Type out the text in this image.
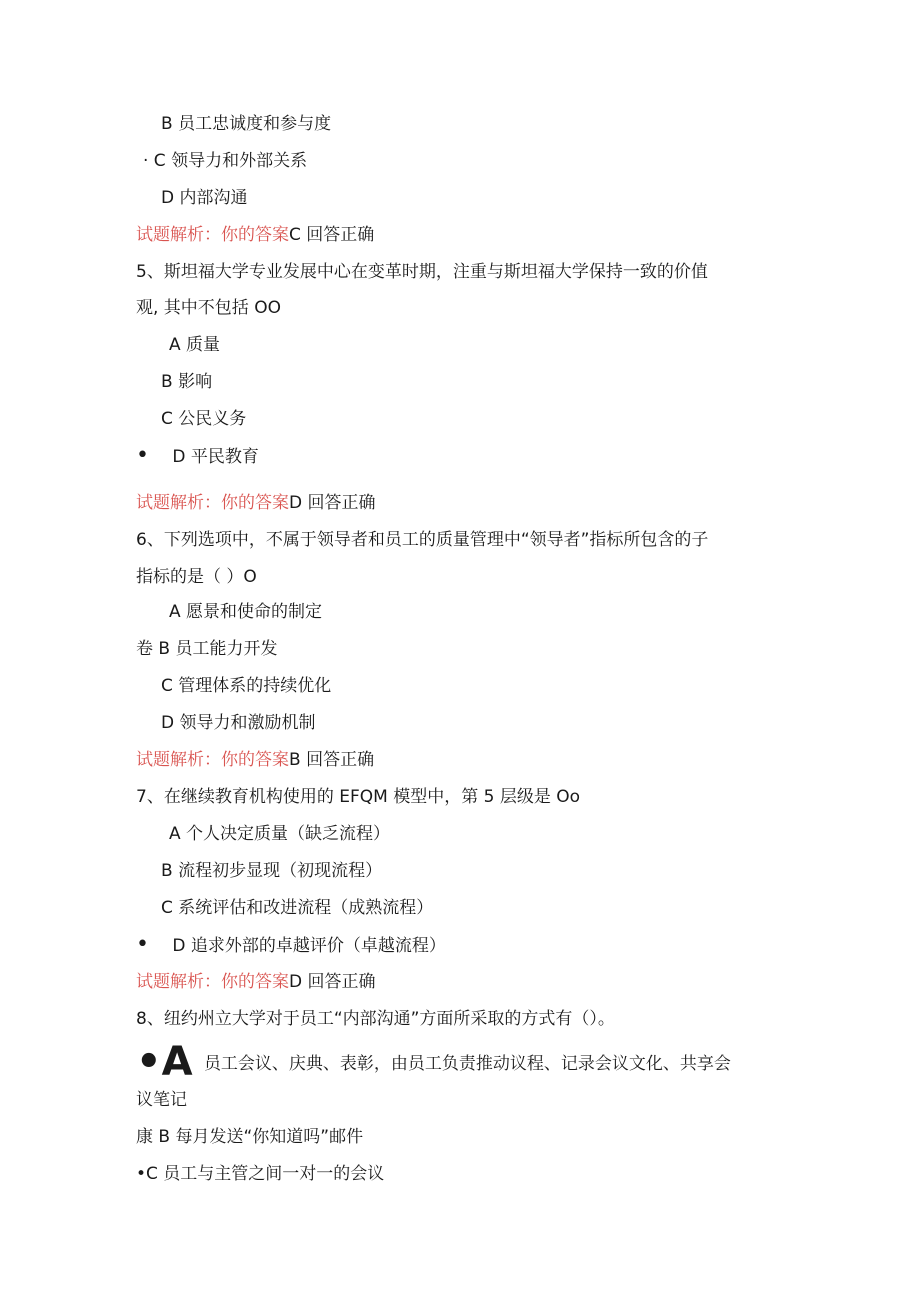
B 员工忠诚度和参与度
· C 领导力和外部关系
D 内部沟通
试题解析：你的答案C 回答正确
5、斯坦福大学专业发展中心在变革时期，注重与斯坦福大学保持一致的价值
观, 其中不包括 OO
A 质量
B 影响
C 公民义务
• D 平民教育
试题解析：你的答案D 回答正确
6、下列选项中，不属于领导者和员工的质量管理中“领导者”指标所包含的子
指标的是（ ）O
A 愿景和使命的制定
卷 B 员工能力开发
C 管理体系的持续优化
D 领导力和激励机制
试题解析：你的答案B 回答正确
7、在继续教育机构使用的 EFQM 模型中，第 5 层级是 Oo
A 个人决定质量（缺乏流程）
B 流程初步显现（初现流程）
C 系统评估和改进流程（成熟流程）
• D 追求外部的卓越评价（卓越流程）
试题解析：你的答案D 回答正确
8、纽约州立大学对于员工“内部沟通”方面所采取的方式有（）。
•A 员工会议、庆典、表彰，由员工负责推动议程、记录会议文化、共享会
议笔记
康 B 每月发送“你知道吗”邮件
•C 员工与主管之间一对一的会议
